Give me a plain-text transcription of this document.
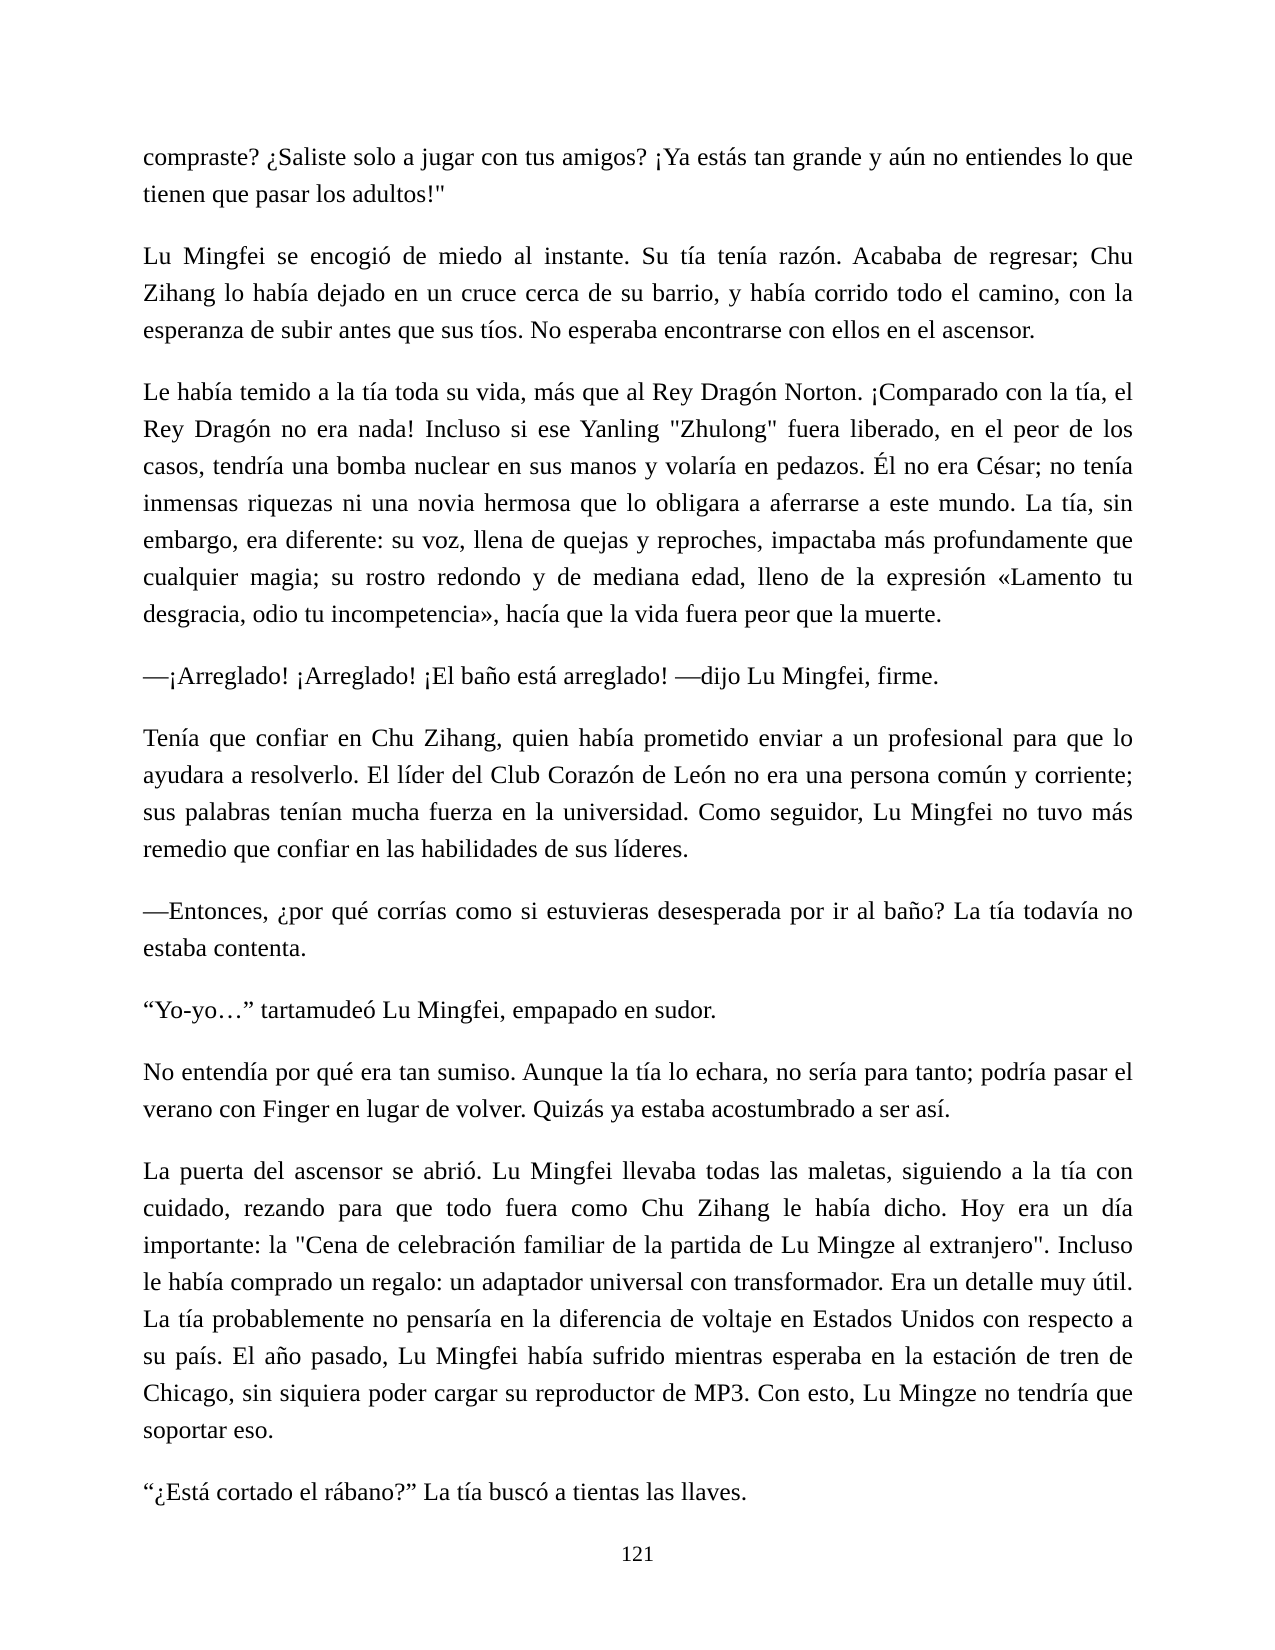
compraste? ¿Saliste solo a jugar con tus amigos? ¡Ya estás tan grande y aún no entiendes lo que tienen que pasar los adultos!"

Lu Mingfei se encogió de miedo al instante. Su tía tenía razón. Acababa de regresar; Chu Zihang lo había dejado en un cruce cerca de su barrio, y había corrido todo el camino, con la esperanza de subir antes que sus tíos. No esperaba encontrarse con ellos en el ascensor.

Le había temido a la tía toda su vida, más que al Rey Dragón Norton. ¡Comparado con la tía, el Rey Dragón no era nada! Incluso si ese Yanling "Zhulong" fuera liberado, en el peor de los casos, tendría una bomba nuclear en sus manos y volaría en pedazos. Él no era César; no tenía inmensas riquezas ni una novia hermosa que lo obligara a aferrarse a este mundo. La tía, sin embargo, era diferente: su voz, llena de quejas y reproches, impactaba más profundamente que cualquier magia; su rostro redondo y de mediana edad, lleno de la expresión «Lamento tu desgracia, odio tu incompetencia», hacía que la vida fuera peor que la muerte.

—¡Arreglado! ¡Arreglado! ¡El baño está arreglado! —dijo Lu Mingfei, firme.

Tenía que confiar en Chu Zihang, quien había prometido enviar a un profesional para que lo ayudara a resolverlo. El líder del Club Corazón de León no era una persona común y corriente; sus palabras tenían mucha fuerza en la universidad. Como seguidor, Lu Mingfei no tuvo más remedio que confiar en las habilidades de sus líderes.

—Entonces, ¿por qué corrías como si estuvieras desesperada por ir al baño? La tía todavía no estaba contenta.

“Yo-yo…” tartamudeó Lu Mingfei, empapado en sudor.

No entendía por qué era tan sumiso. Aunque la tía lo echara, no sería para tanto; podría pasar el verano con Finger en lugar de volver. Quizás ya estaba acostumbrado a ser así.

La puerta del ascensor se abrió. Lu Mingfei llevaba todas las maletas, siguiendo a la tía con cuidado, rezando para que todo fuera como Chu Zihang le había dicho. Hoy era un día importante: la "Cena de celebración familiar de la partida de Lu Mingze al extranjero". Incluso le había comprado un regalo: un adaptador universal con transformador. Era un detalle muy útil. La tía probablemente no pensaría en la diferencia de voltaje en Estados Unidos con respecto a su país. El año pasado, Lu Mingfei había sufrido mientras esperaba en la estación de tren de Chicago, sin siquiera poder cargar su reproductor de MP3. Con esto, Lu Mingze no tendría que soportar eso.

“¿Está cortado el rábano?” La tía buscó a tientas las llaves.

121
